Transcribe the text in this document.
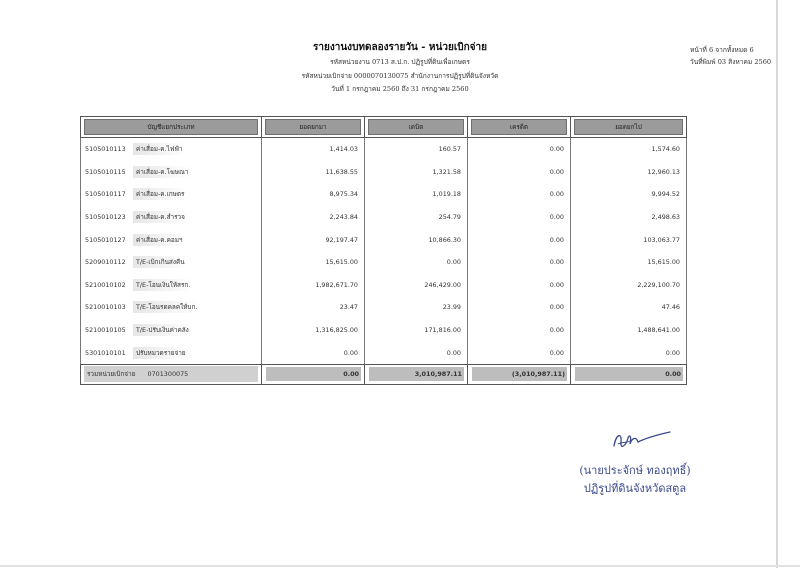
รายงานงบทดลองรายวัน - หน่วยเบิกจ่าย
รหัสหน่วยงาน 0713 ส.ป.ก. ปฏิรูปที่ดินเพื่อเกษตร
รหัสหน่วยเบิกจ่าย 0000070130075 สำนักงานการปฏิรูปที่ดินจังหวัด
วันที่ 1 กรกฎาคม 2560 ถึง 31 กรกฎาคม 2560
หน้าที่ 6 จากทั้งหมด 6
วันที่พิมพ์ 03 สิงหาคม 2560
บัญชีแยกประเภท	ยอดยกมา	เดบิต	เครดิต	ยอดยกไป

5105010113 ค่าเสื่อม-ค.ไฟฟ้า	1,414.03	160.57	0.00	1,574.60
5105010115 ค่าเสื่อม-ค.โฆษณา	11,638.55	1,321.58	0.00	12,960.13
5105010117 ค่าเสื่อม-ค.เกษตร	8,975.34	1,019.18	0.00	9,994.52
5105010123 ค่าเสื่อม-ค.สำรวจ	2,243.84	254.79	0.00	2,498.63
5105010127 ค่าเสื่อม-ค.คอมฯ	92,197.47	10,866.30	0.00	103,063.77
5209010112 T/E-เบิกเกินส่งคืน	15,615.00	0.00	0.00	15,615.00
5210010102 T/E-โอนเงินให้สรก.	1,982,671.70	246,429.00	0.00	2,229,100.70
5210010103 T/E-โอนรดคลคให้บก.	23.47	23.99	0.00	47.46
5210010105 T/E-ปรับเงินค่าคลัง	1,316,825.00	171,816.00	0.00	1,488,641.00
5301010101 ปรับหมวดรายจ่าย	0.00	0.00	0.00	0.00

รวมหน่วยเบิกจ่าย 0701300075	0.00	3,010,987.11	(3,010,987.11)	0.00
(นายประจักษ์ ทองฤทธิ์)
ปฏิรูปที่ดินจังหวัดสตูล
